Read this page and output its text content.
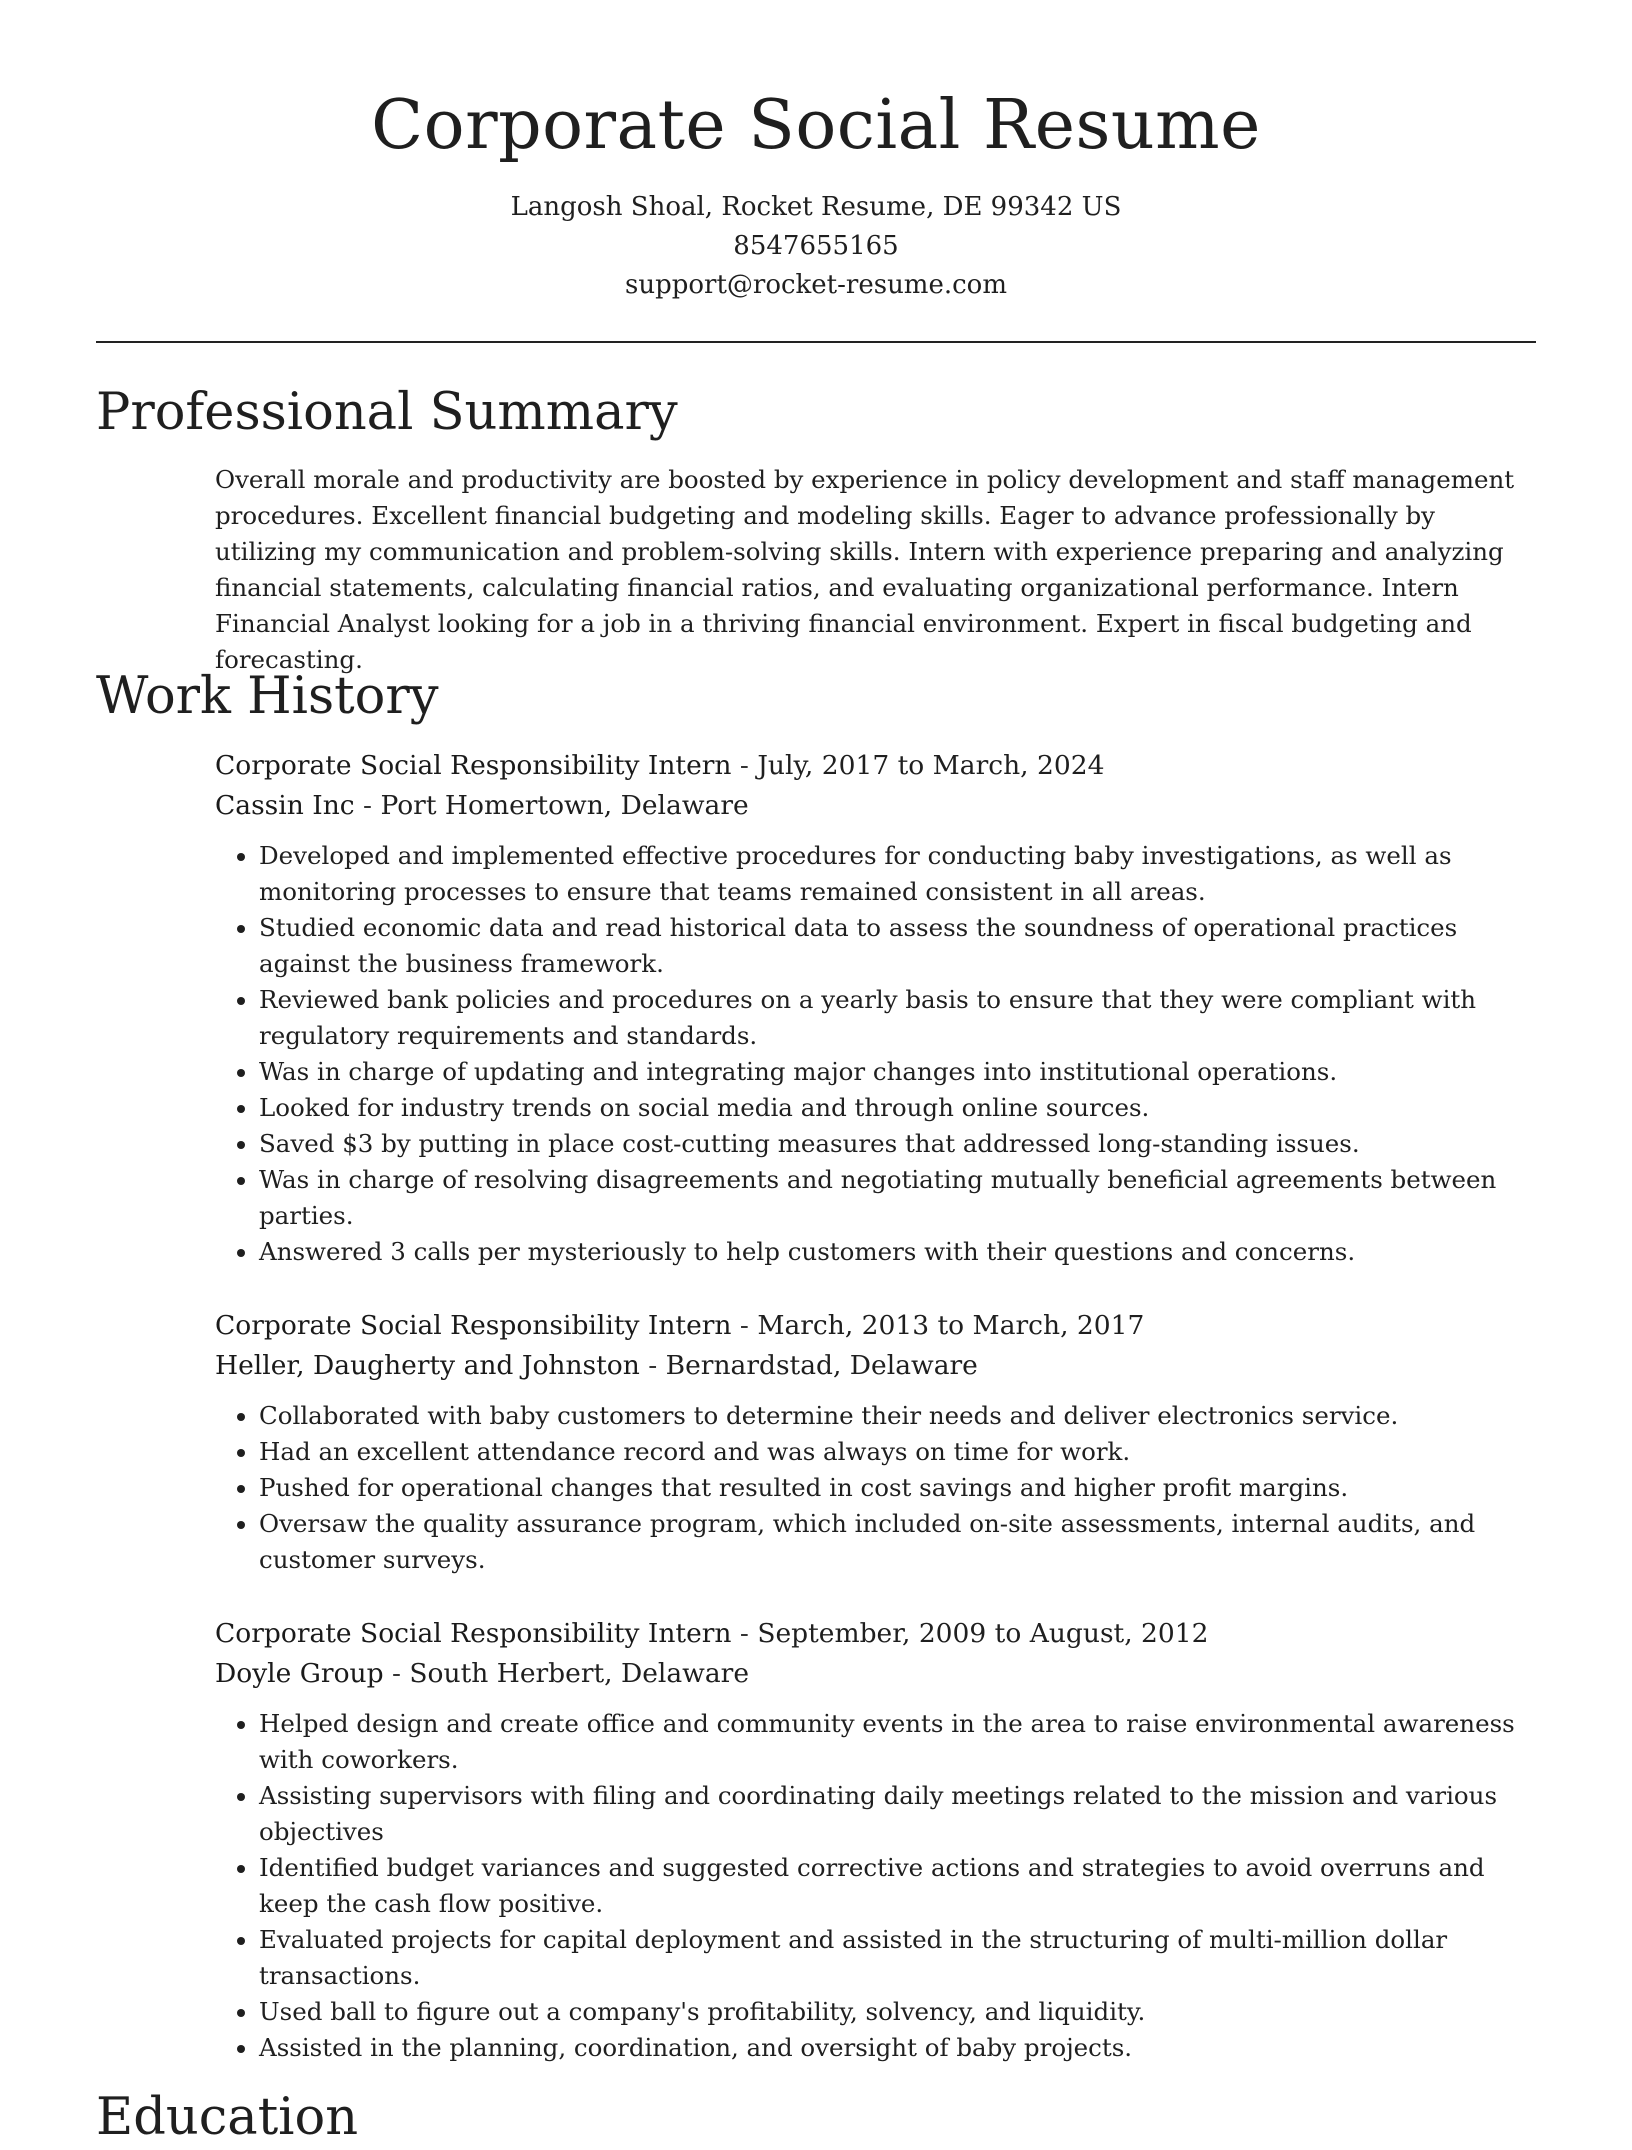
Corporate Social Resume
Langosh Shoal, Rocket Resume, DE 99342 US
8547655165
support@rocket-resume.com
Professional Summary

Overall morale and productivity are boosted by experience in policy development and staff management procedures. Excellent financial budgeting and modeling skills. Eager to advance professionally by utilizing my communication and problem-solving skills. Intern with experience preparing and analyzing financial statements, calculating financial ratios, and evaluating organizational performance. Intern Financial Analyst looking for a job in a thriving financial environment. Expert in fiscal budgeting and forecasting.

Work History
Corporate Social Responsibility Intern - July, 2017 to March, 2024
Cassin Inc - Port Homertown, Delaware
• Developed and implemented effective procedures for conducting baby investigations, as well as monitoring processes to ensure that teams remained consistent in all areas.
• Studied economic data and read historical data to assess the soundness of operational practices against the business framework.
• Reviewed bank policies and procedures on a yearly basis to ensure that they were compliant with regulatory requirements and standards.
• Was in charge of updating and integrating major changes into institutional operations.
• Looked for industry trends on social media and through online sources.
• Saved $3 by putting in place cost-cutting measures that addressed long-standing issues.
• Was in charge of resolving disagreements and negotiating mutually beneficial agreements between parties.
• Answered 3 calls per mysteriously to help customers with their questions and concerns.
Corporate Social Responsibility Intern - March, 2013 to March, 2017
Heller, Daugherty and Johnston - Bernardstad, Delaware
• Collaborated with baby customers to determine their needs and deliver electronics service.
• Had an excellent attendance record and was always on time for work.
• Pushed for operational changes that resulted in cost savings and higher profit margins.
• Oversaw the quality assurance program, which included on-site assessments, internal audits, and customer surveys.
Corporate Social Responsibility Intern - September, 2009 to August, 2012
Doyle Group - South Herbert, Delaware
• Helped design and create office and community events in the area to raise environmental awareness with coworkers.
• Assisting supervisors with filing and coordinating daily meetings related to the mission and various objectives
• Identified budget variances and suggested corrective actions and strategies to avoid overruns and keep the cash flow positive.
• Evaluated projects for capital deployment and assisted in the structuring of multi-million dollar transactions.
• Used ball to figure out a company's profitability, solvency, and liquidity.
• Assisted in the planning, coordination, and oversight of baby projects.
Education
